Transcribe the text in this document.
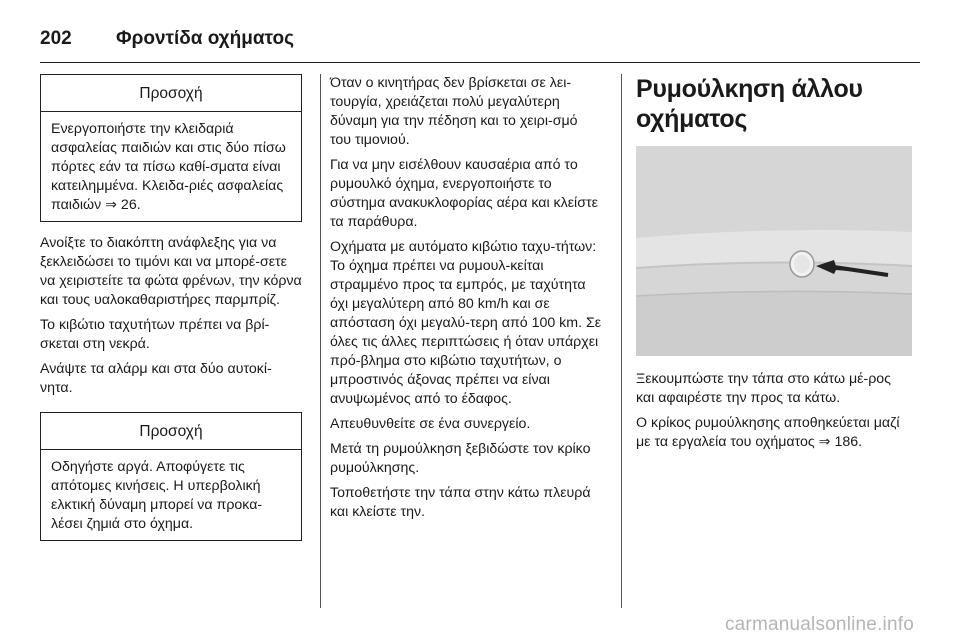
202	Φροντίδα οχήματος
Προσοχή
Ενεργοποιήστε την κλειδαριά ασφαλείας παιδιών και στις δύο πίσω πόρτες εάν τα πίσω καθί-σματα είναι κατειλημμένα. Κλειδα-ριές ασφαλείας παιδιών ⇒ 26.

Ανοίξτε το διακόπτη ανάφλεξης για να ξεκλειδώσει το τιμόνι και να μπορέ-σετε να χειριστείτε τα φώτα φρένων, την κόρνα και τους υαλοκαθαριστήρες παρμπρίζ.

Το κιβώτιο ταχυτήτων πρέπει να βρί-σκεται στη νεκρά.

Ανάψτε τα αλάρμ και στα δύο αυτοκί-νητα.

Προσοχή
Οδηγήστε αργά. Αποφύγετε τις απότομες κινήσεις. Η υπερβολική ελκτική δύναμη μπορεί να προκα-λέσει ζημιά στο όχημα.

Όταν ο κινητήρας δεν βρίσκεται σε λει-τουργία, χρειάζεται πολύ μεγαλύτερη δύναμη για την πέδηση και το χειρι-σμό του τιμονιού.

Για να μην εισέλθουν καυσαέρια από το ρυμουλκό όχημα, ενεργοποιήστε το σύστημα ανακυκλοφορίας αέρα και κλείστε τα παράθυρα.

Οχήματα με αυτόματο κιβώτιο ταχυ-τήτων: Το όχημα πρέπει να ρυμουλ-κείται στραμμένο προς τα εμπρός, με ταχύτητα όχι μεγαλύτερη από 80 km/h και σε απόσταση όχι μεγαλύ-τερη από 100 km. Σε όλες τις άλλες περιπτώσεις ή όταν υπάρχει πρό-βλημα στο κιβώτιο ταχυτήτων, ο μπροστινός άξονας πρέπει να είναι ανυψωμένος από το έδαφος.

Απευθυνθείτε σε ένα συνεργείο.

Μετά τη ρυμούλκηση ξεβιδώστε τον κρίκο ρυμούλκησης.

Τοποθετήστε την τάπα στην κάτω πλευρά και κλείστε την.

Ρυμούλκηση άλλου οχήματος

Ξεκουμπώστε την τάπα στο κάτω μέ-ρος και αφαιρέστε την προς τα κάτω.

Ο κρίκος ρυμούλκησης αποθηκεύεται μαζί με τα εργαλεία του οχήματος ⇒ 186.

carmanualsonline.info
